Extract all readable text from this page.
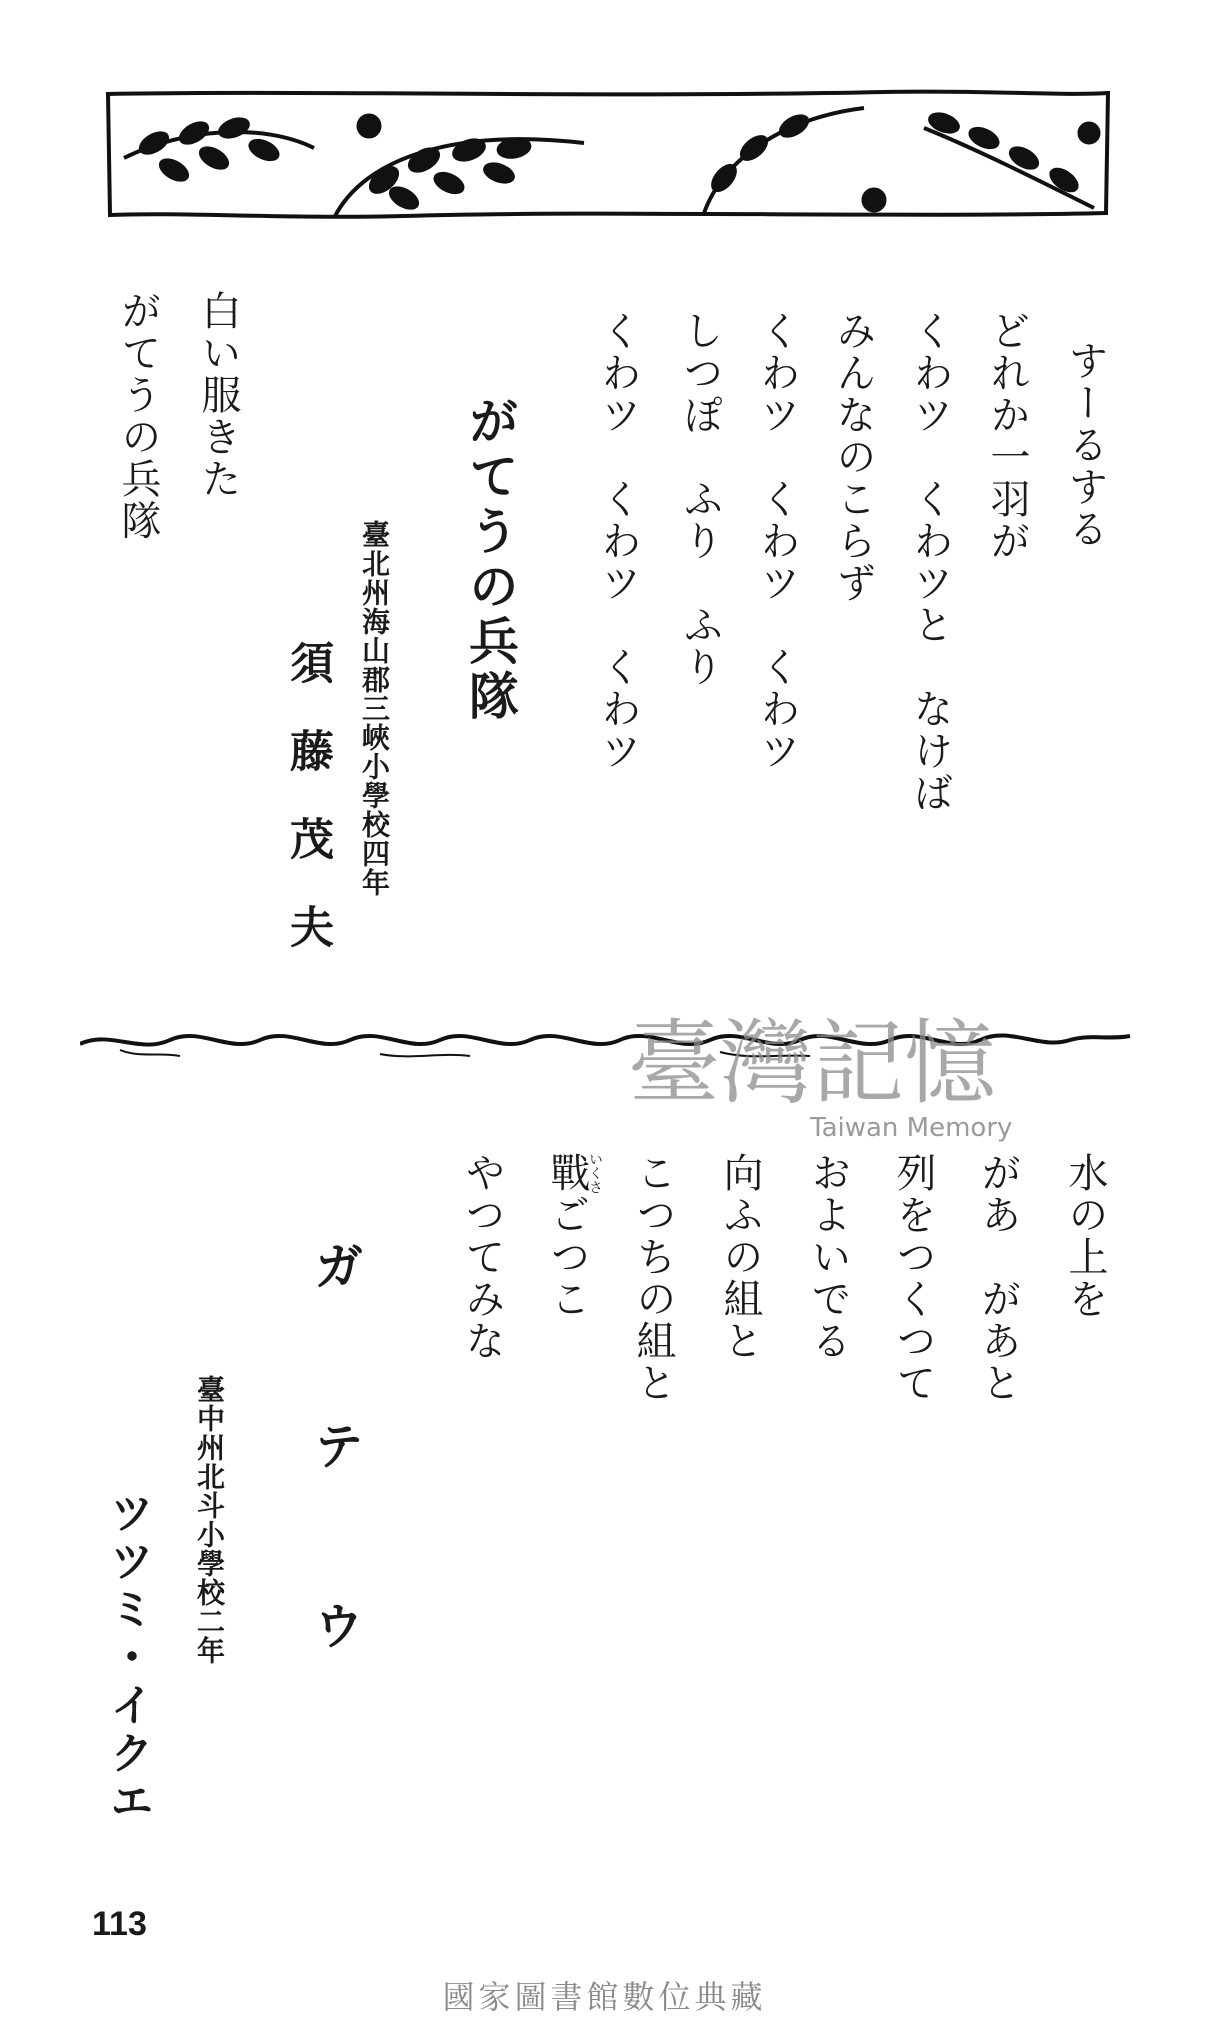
すーるする
どれか一羽が
くわツ　くわツと　なけば
みんなのこらず
くわツ　くわツ　くわツ
しつぽ　ふり　ふり
くわツ　くわツ　くわツ
がてうの兵隊
臺北州海山郡三峽小學校四年
須　藤　茂　夫
白い服きた
がてうの兵隊
臺灣記憶
Taiwan Memory
水の上を
があ　があと
列をつくつて
およいでる
向ふの組と
こつちの組と
いくさ
戰ごつこ
やつてみな
ガ　テ　ウ
臺中州北斗小學校二年
ツツミ・イクエ
113
國家圖書館數位典藏
